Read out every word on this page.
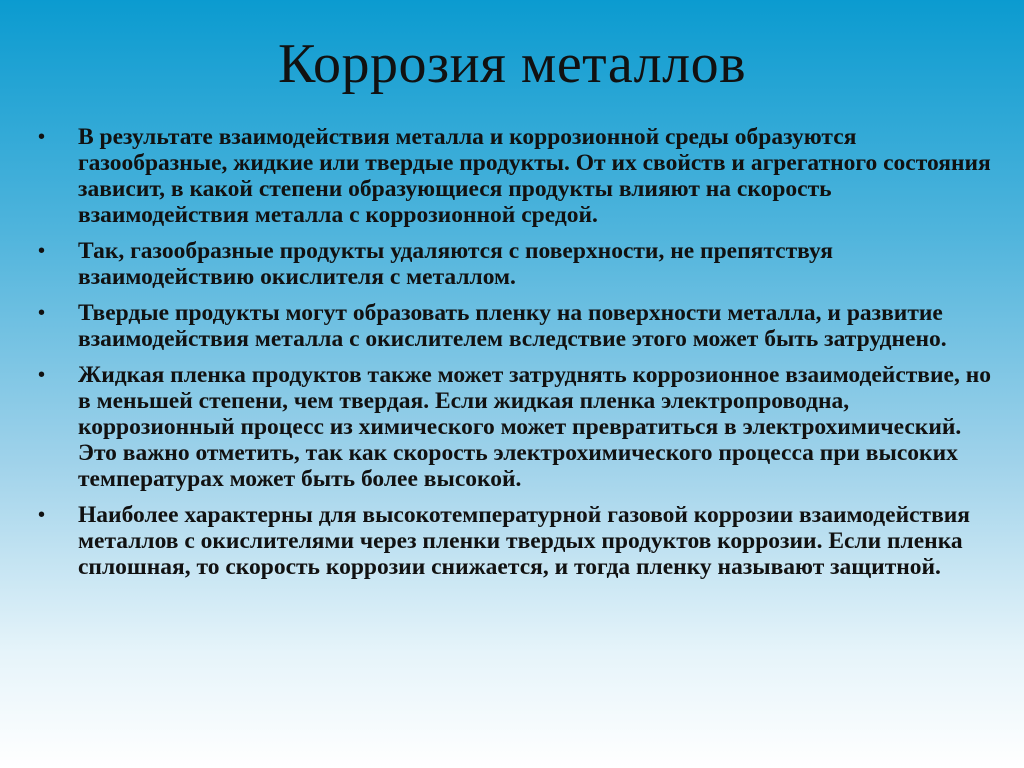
Коррозия металлов
• В результате взаимодействия металла и коррозионной среды образуются газообразные, жидкие или твердые продукты. От их свойств и агрегатного состояния зависит, в какой степени образующиеся продукты влияют на скорость взаимодействия металла с коррозионной средой.
• Так, газообразные продукты удаляются с поверхности, не препятствуя взаимодействию окислителя с металлом.
• Твердые продукты могут образовать пленку на поверхности металла, и развитие взаимодействия металла с окислителем вследствие этого может быть затруднено.
• Жидкая пленка продуктов также может затруднять коррозионное взаимодействие, но в меньшей степени, чем твердая. Если жидкая пленка электропроводна, коррозионный процесс из химического может превратиться в электрохимический. Это важно отметить, так как скорость электрохимического процесса при высоких температурах может быть более высокой.
• Наиболее характерны для высокотемпературной газовой коррозии взаимодействия металлов с окислителями через пленки твердых продуктов коррозии. Если пленка сплошная, то скорость коррозии снижается, и тогда пленку называют защитной.
